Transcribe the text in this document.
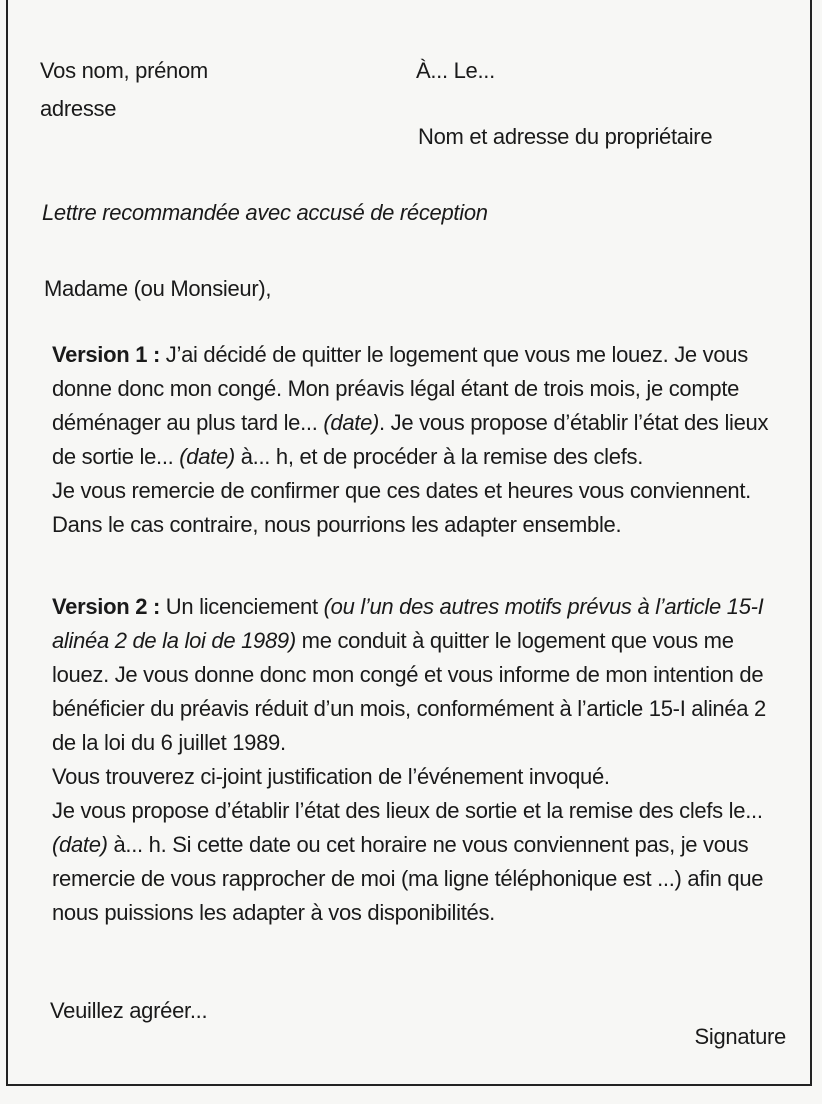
Vos nom, prénom
adresse
À... Le...
Nom et adresse du propriétaire
Lettre recommandée avec accusé de réception
Madame (ou Monsieur),
Version 1 : J’ai décidé de quitter le logement que vous me louez. Je vous
donne donc mon congé. Mon préavis légal étant de trois mois, je compte
déménager au plus tard le... (date). Je vous propose d’établir l’état des lieux
de sortie le... (date) à... h, et de procéder à la remise des clefs.
Je vous remercie de confirmer que ces dates et heures vous conviennent.
Dans le cas contraire, nous pourrions les adapter ensemble.
Version 2 : Un licenciement (ou l’un des autres motifs prévus à l’article 15-I
alinéa 2 de la loi de 1989) me conduit à quitter le logement que vous me
louez. Je vous donne donc mon congé et vous informe de mon intention de
bénéficier du préavis réduit d’un mois, conformément à l’article 15-I alinéa 2
de la loi du 6 juillet 1989.
Vous trouverez ci-joint justification de l’événement invoqué.
Je vous propose d’établir l’état des lieux de sortie et la remise des clefs le...
(date) à... h. Si cette date ou cet horaire ne vous conviennent pas, je vous
remercie de vous rapprocher de moi (ma ligne téléphonique est ...) afin que
nous puissions les adapter à vos disponibilités.
Veuillez agréer...
Signature
